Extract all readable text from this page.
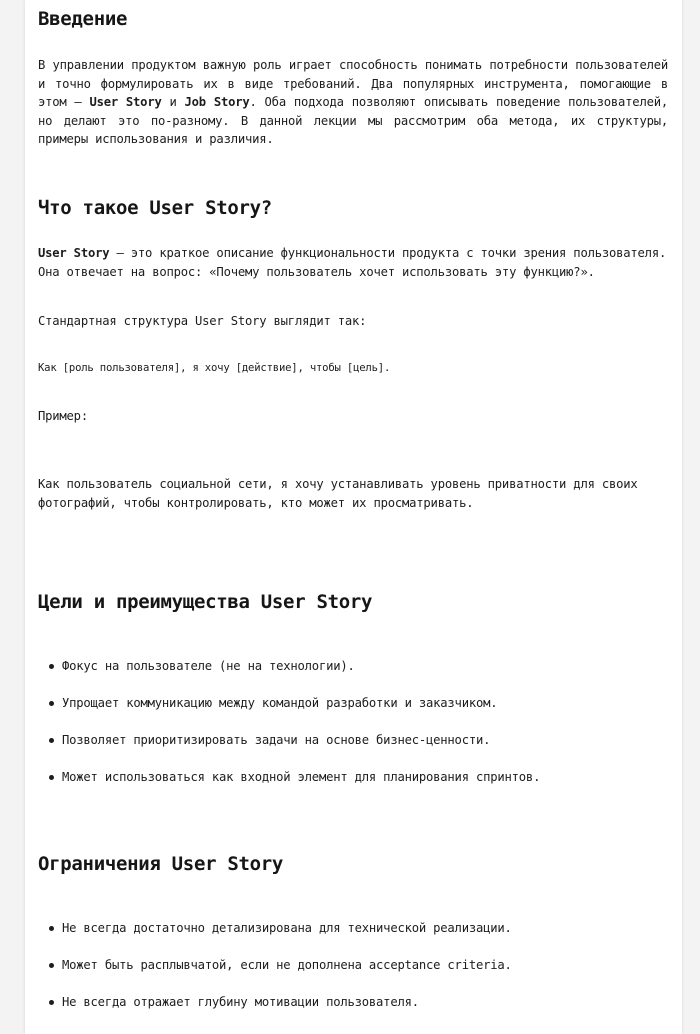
Введение

В управлении продуктом важную роль играет способность понимать потребности пользователей и точно формулировать их в виде требований. Два популярных инструмента, помогающие в этом — User Story и Job Story. Оба подхода позволяют описывать поведение пользователей, но делают это по-разному. В данной лекции мы рассмотрим оба метода, их структуры, примеры использования и различия.

Что такое User Story?

User Story — это краткое описание функциональности продукта с точки зрения пользователя. Она отвечает на вопрос: «Почему пользователь хочет использовать эту функцию?».

Стандартная структура User Story выглядит так:

Как [роль пользователя], я хочу [действие], чтобы [цель].

Пример:

Как пользователь социальной сети, я хочу устанавливать уровень приватности для своих фотографий, чтобы контролировать, кто может их просматривать.

Цели и преимущества User Story
Фокус на пользователе (не на технологии).
Упрощает коммуникацию между командой разработки и заказчиком.
Позволяет приоритизировать задачи на основе бизнес-ценности.
Может использоваться как входной элемент для планирования спринтов.
Ограничения User Story
Не всегда достаточно детализирована для технической реализации.
Может быть расплывчатой, если не дополнена acceptance criteria.
Не всегда отражает глубину мотивации пользователя.
